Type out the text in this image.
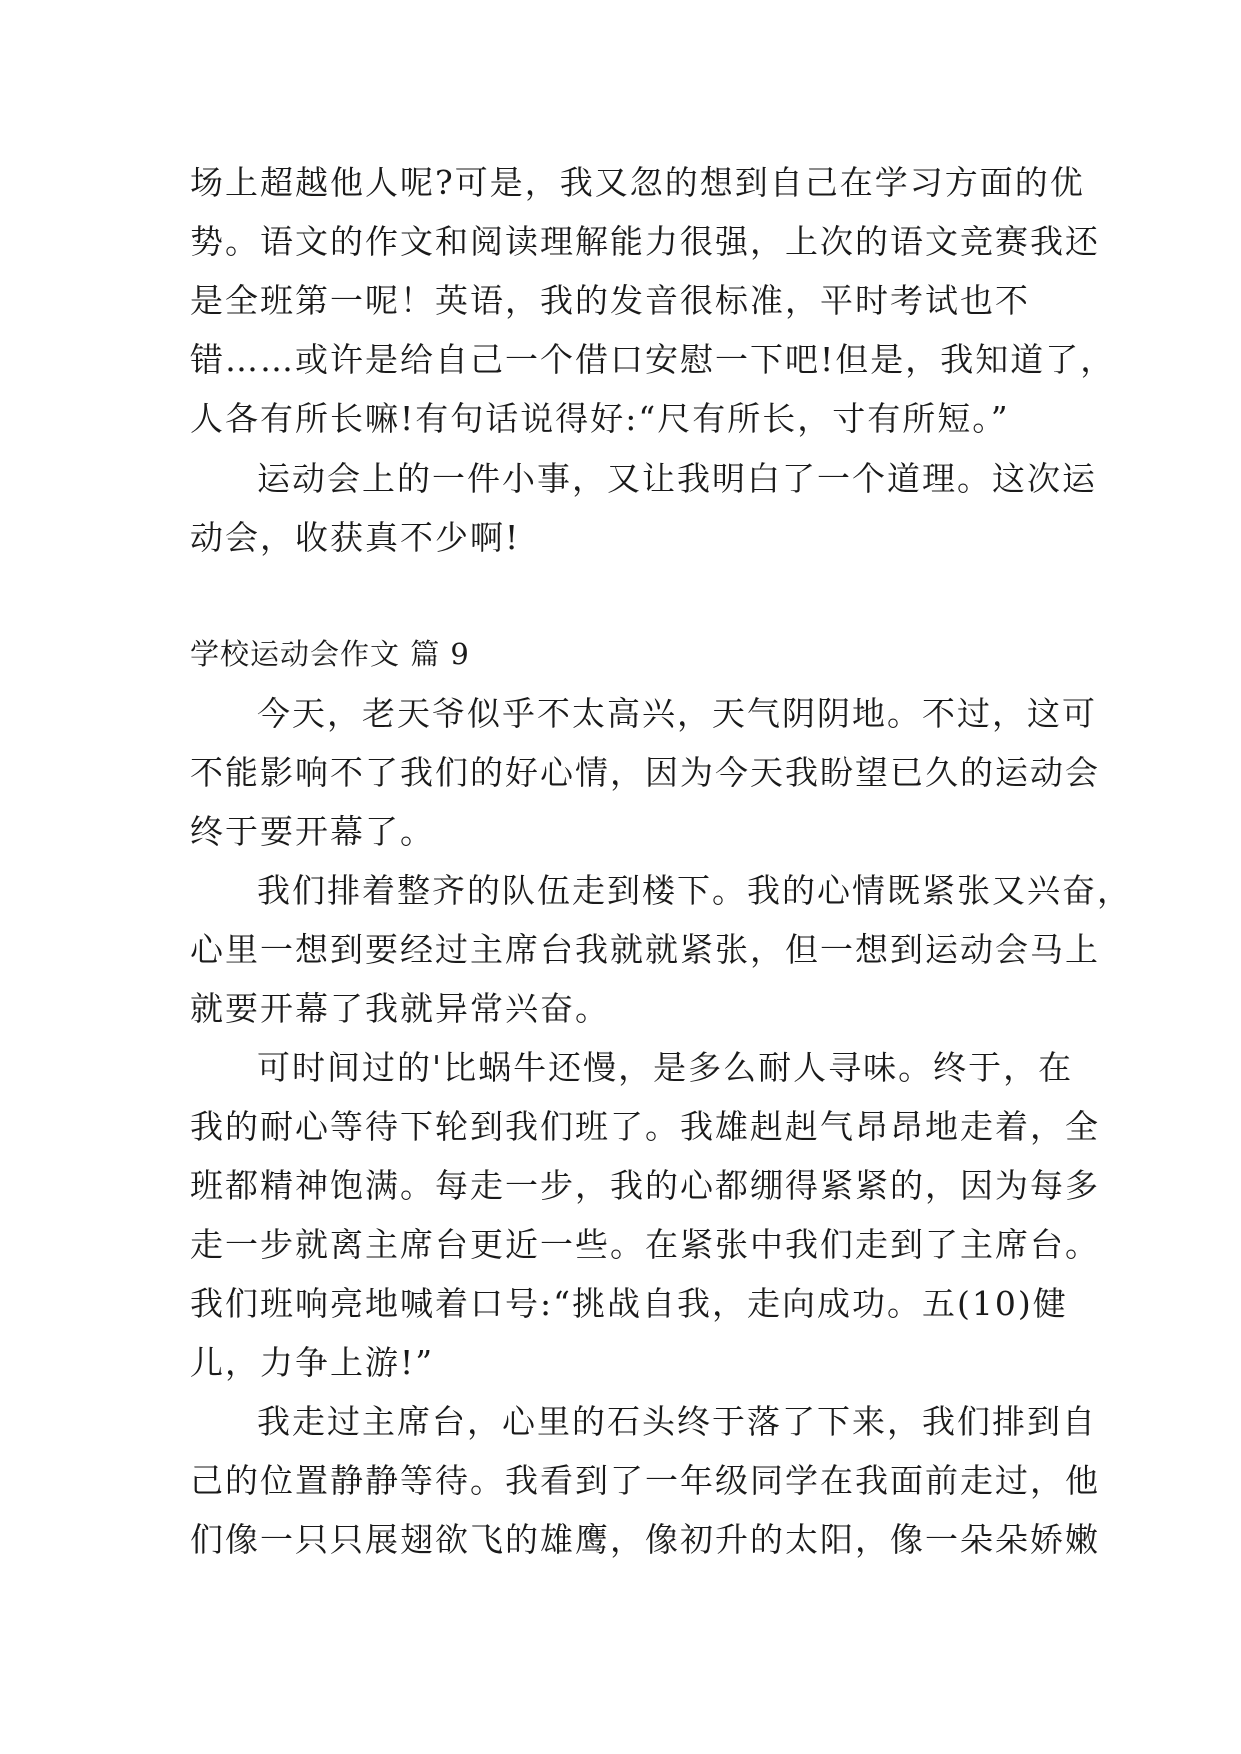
场上超越他人呢?可是，我又忽的想到自己在学习方面的优
势。语文的作文和阅读理解能力很强，上次的语文竞赛我还
是全班第一呢！英语，我的发音很标准，平时考试也不
错……或许是给自己一个借口安慰一下吧!但是，我知道了，
人各有所长嘛!有句话说得好:“尺有所长，寸有所短。”
运动会上的一件小事，又让我明白了一个道理。这次运
动会，收获真不少啊!
学校运动会作文 篇 9
今天，老天爷似乎不太高兴，天气阴阴地。不过，这可
不能影响不了我们的好心情，因为今天我盼望已久的运动会
终于要开幕了。
我们排着整齐的队伍走到楼下。我的心情既紧张又兴奋，
心里一想到要经过主席台我就就紧张，但一想到运动会马上
就要开幕了我就异常兴奋。
可时间过的'比蜗牛还慢，是多么耐人寻味。终于，在
我的耐心等待下轮到我们班了。我雄赳赳气昂昂地走着，全
班都精神饱满。每走一步，我的心都绷得紧紧的，因为每多
走一步就离主席台更近一些。在紧张中我们走到了主席台。
我们班响亮地喊着口号:“挑战自我，走向成功。五(10)健
儿，力争上游!”
我走过主席台，心里的石头终于落了下来，我们排到自
己的位置静静等待。我看到了一年级同学在我面前走过，他
们像一只只展翅欲飞的雄鹰，像初升的太阳，像一朵朵娇嫩
